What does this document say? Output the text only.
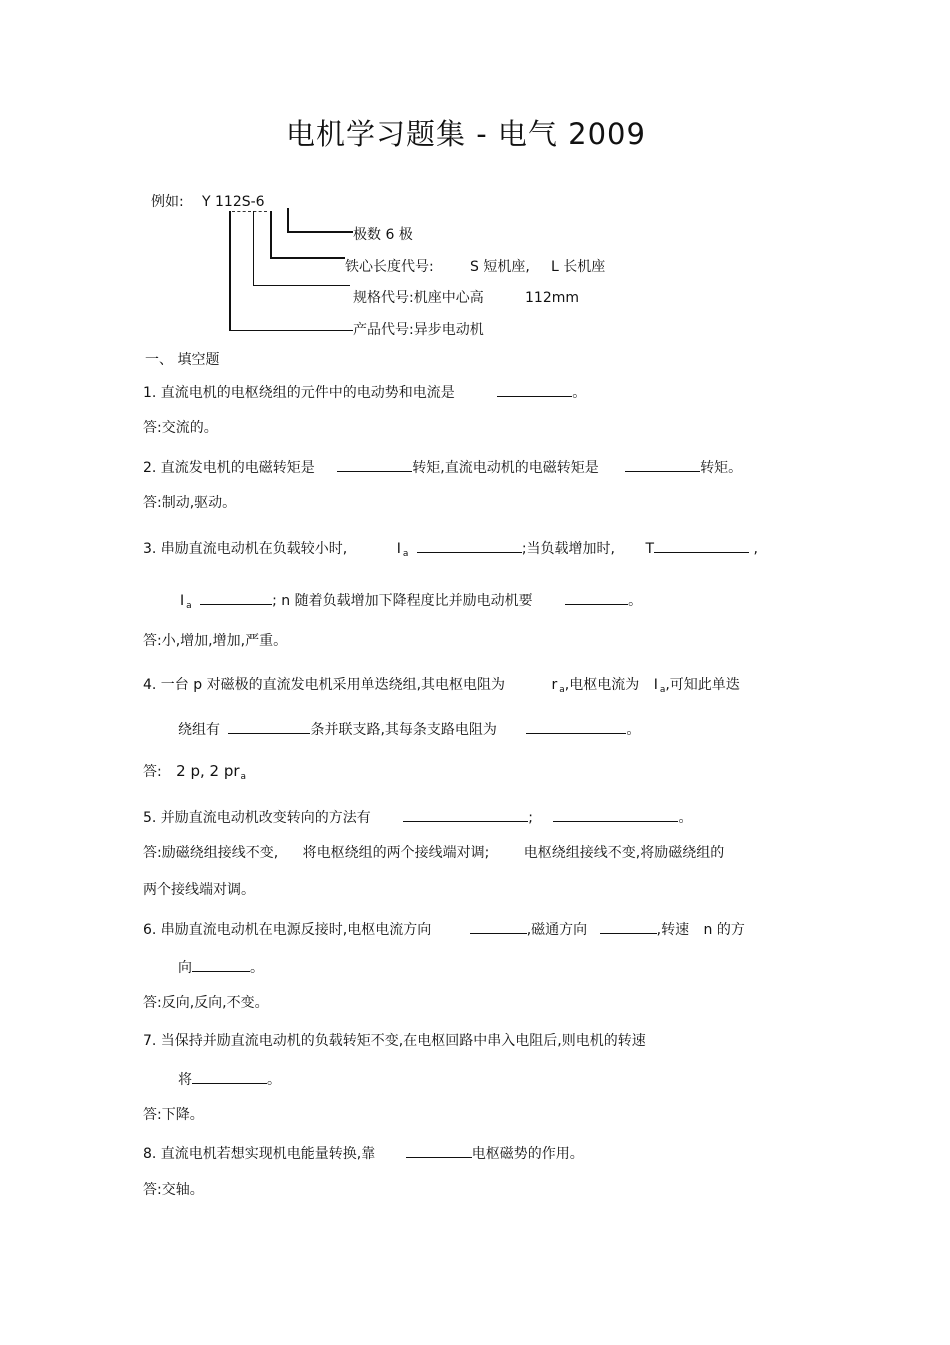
电机学习题集 - 电气 2009
例如: Y 112S-6
极数 6 极
铁心长度代号:	S 短机座, L 长机座
规格代号:机座中心高	112mm
产品代号:异步电动机
一、 填空题
1. 直流电机的电枢绕组的元件中的电动势和电流是	。
答:交流的。
2. 直流发电机的电磁转矩是	转矩,直流电动机的电磁转矩是	转矩。
答:制动,驱动。
3. 串励直流电动机在负载较小时,	I $_a$	;当负载增加时, T	,
I $_a$	; n 随着负载增加下降程度比并励电动机要	。
答:小,增加,增加,严重。
4. 一台 p 对磁极的直流发电机采用单迭绕组,其电枢电阻为	r $_a$,电枢电流为 I $_a$,可知此单迭
绕组有	条并联支路,其每条支路电阻为	。
答: 2 p, 2 $pr_a$
5. 并励直流电动机改变转向的方法有	;	。
答:励磁绕组接线不变, 将电枢绕组的两个接线端对调; 电枢绕组接线不变,将励磁绕组的
两个接线端对调。
6. 串励直流电动机在电源反接时,电枢电流方向	,磁通方向	,转速 n 的方
向	。
答:反向,反向,不变。
7. 当保持并励直流电动机的负载转矩不变,在电枢回路中串入电阻后,则电机的转速
将	。
答:下降。
8. 直流电机若想实现机电能量转换,靠	电枢磁势的作用。
答:交轴。
